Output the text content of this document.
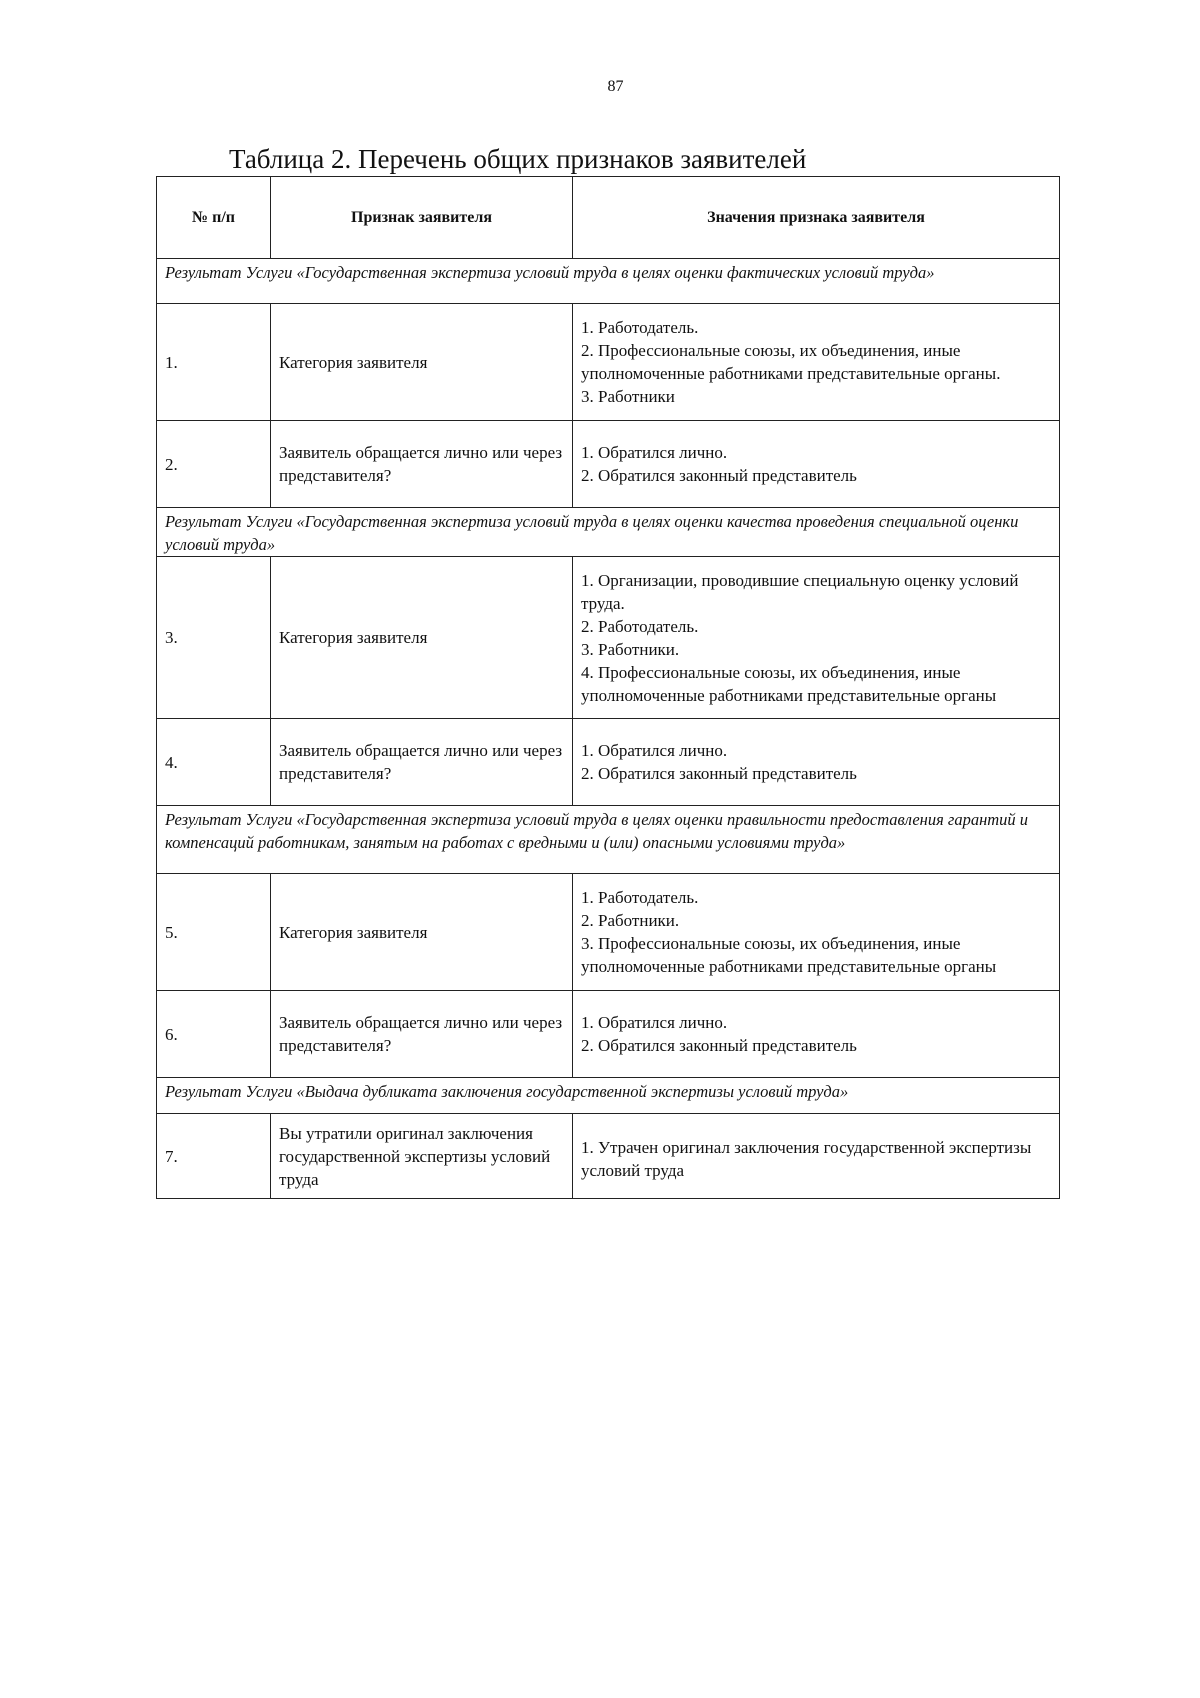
87
Таблица 2. Перечень общих признаков заявителей
№ п/п	Признак заявителя	Значения признака заявителя
Результат Услуги «Государственная экспертиза условий труда в целях оценки фактических условий труда»		
1.	Категория заявителя	1. Работодатель.
2. Профессиональные союзы, их объединения, иные уполномоченные работниками представительные органы.
3. Работники

2.	Заявитель обращается лично или через представителя?	1. Обратился лично.
2. Обратился законный представитель

Результат Услуги «Государственная экспертиза условий труда в целях оценки качества проведения специальной оценки условий труда»		
3.	Категория заявителя	1. Организации, проводившие специальную оценку условий труда.
2. Работодатель.
3. Работники.
4. Профессиональные союзы, их объединения, иные уполномоченные работниками представительные органы

4.	Заявитель обращается лично или через представителя?	1. Обратился лично.
2. Обратился законный представитель

Результат Услуги «Государственная экспертиза условий труда в целях оценки правильности предоставления гарантий и компенсаций работникам, занятым на работах с вредными и (или) опасными условиями труда»		
5.	Категория заявителя	1. Работодатель.
2. Работники.
3. Профессиональные союзы, их объединения, иные уполномоченные работниками представительные органы

6.	Заявитель обращается лично или через представителя?	1. Обратился лично.
2. Обратился законный представитель

Результат Услуги «Выдача дубликата заключения государственной экспертизы условий труда»		
7.	Вы утратили оригинал заключения государственной экспертизы условий труда	1. Утрачен оригинал заключения государственной экспертизы условий труда
